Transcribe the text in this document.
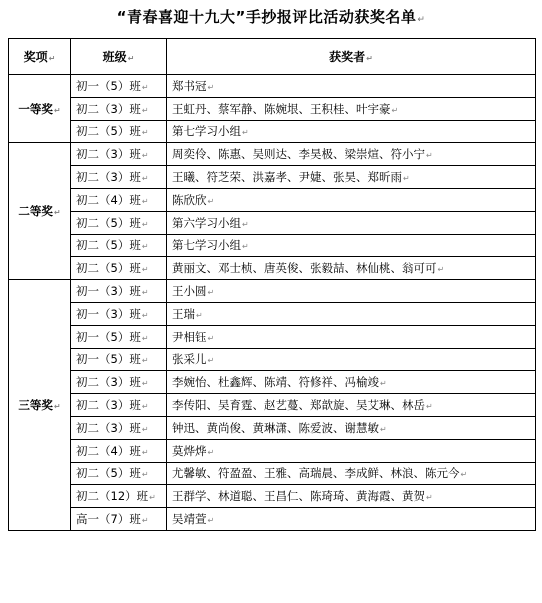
“青春喜迎十九大”手抄报评比活动获奖名单↵
奖项↵	班级↵	获奖者↵
一等奖↵	初一（5）班↵	郑书冠↵
	初二（3）班↵	王虹丹、蔡军静、陈婉垠、王积桂、叶宇豪↵
	初二（5）班↵	第七学习小组↵
二等奖↵	初二（3）班↵	周奕伶、陈惠、吴则达、李昊极、梁崇煊、符小宁↵
	初二（3）班↵	王曦、符芝荣、洪嘉孝、尹婕、张昊、郑昕雨↵
	初二（4）班↵	陈欣欣↵
	初二（5）班↵	第六学习小组↵
	初二（5）班↵	第七学习小组↵
	初二（5）班↵	黄丽文、邓士桢、唐英俊、张毅喆、林仙桃、翁可可↵
三等奖↵	初一（3）班↵	王小圆↵
	初一（3）班↵	王瑞↵
	初一（5）班↵	尹相钰↵
	初一（5）班↵	张采儿↵
	初二（3）班↵	李婉怡、杜鑫辉、陈靖、符修祥、冯榆竣↵
	初二（3）班↵	李传阳、吴育霆、赵艺蔓、郑歆旋、吴艾琳、林岳↵
	初二（3）班↵	钟迅、黄尚俊、黄琳潇、陈爱波、谢慧敏↵
	初二（4）班↵	莫烨烨↵
	初二（5）班↵	尤馨敏、符盈盈、王雅、高瑞晨、李成鲜、林浪、陈元今↵
	初二（12）班↵	王群学、林道聪、王昌仁、陈琦琦、黄海霞、黄贺↵
	高一（7）班↵	吴靖萱↵
